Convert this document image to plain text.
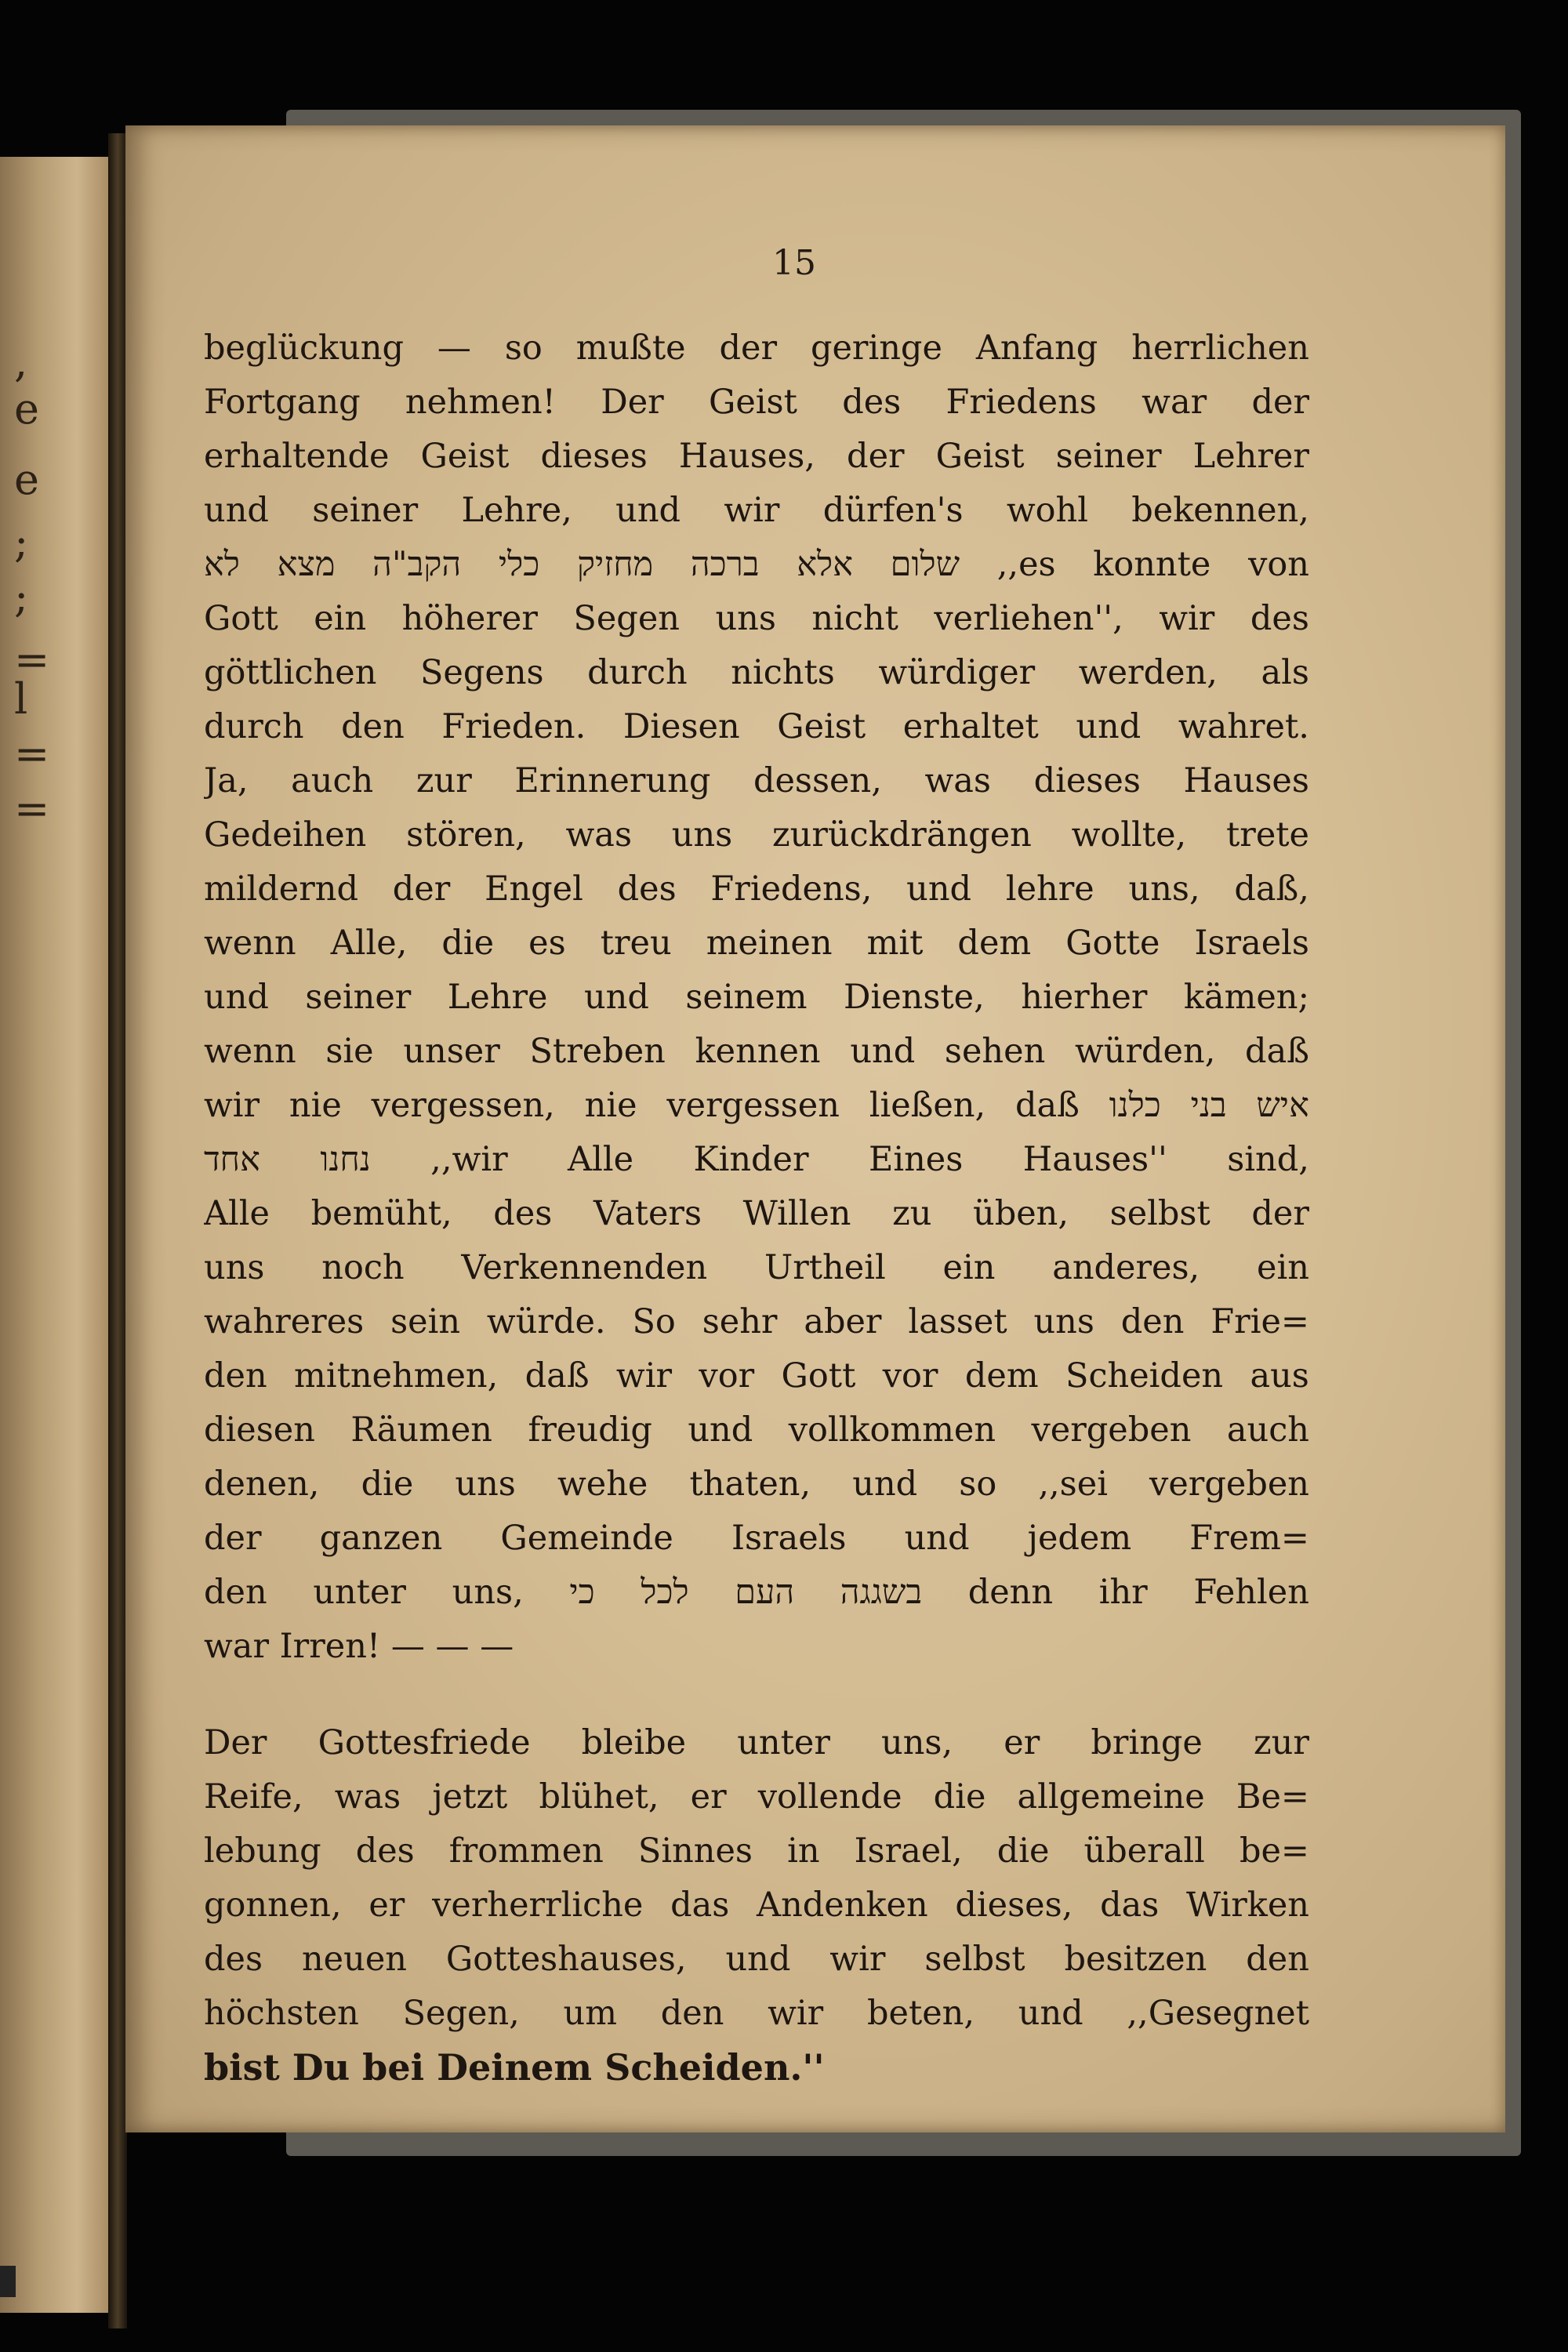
,
e
e
;
;
=
l
=
=
15
beglückung — so mußte der geringe Anfang herrlichen
Fortgang nehmen! Der Geist des Friedens war der
erhaltende Geist dieses Hauses, der Geist seiner Lehrer
und seiner Lehre, und wir dürfen's wohl bekennen,
לא מצא הקב"ה כלי מחזיק ברכה אלא שלום ,,es konnte von
Gott ein höherer Segen uns nicht verliehen'', wir des
göttlichen Segens durch nichts würdiger werden, als
durch den Frieden. Diesen Geist erhaltet und wahret.
Ja, auch zur Erinnerung dessen, was dieses Hauses
Gedeihen stören, was uns zurückdrängen wollte, trete
mildernd der Engel des Friedens, und lehre uns, daß,
wenn Alle, die es treu meinen mit dem Gotte Israels
und seiner Lehre und seinem Dienste, hierher kämen;
wenn sie unser Streben kennen und sehen würden, daß
wir nie vergessen, nie vergessen ließen, daß כלנו בני איש
אחד נחנו ,,wir Alle Kinder Eines Hauses'' sind,
Alle bemüht, des Vaters Willen zu üben, selbst der
uns noch Verkennenden Urtheil ein anderes, ein
wahreres sein würde. So sehr aber lasset uns den Frie=
den mitnehmen, daß wir vor Gott vor dem Scheiden aus
diesen Räumen freudig und vollkommen vergeben auch
denen, die uns wehe thaten, und so ,,sei vergeben
der ganzen Gemeinde Israels und jedem Frem=
den unter uns, כי לכל העם בשגגה denn ihr Fehlen
war Irren! — — —
Der Gottesfriede bleibe unter uns, er bringe zur
Reife, was jetzt blühet, er vollende die allgemeine Be=
lebung des frommen Sinnes in Israel, die überall be=
gonnen, er verherrliche das Andenken dieses, das Wirken
des neuen Gotteshauses, und wir selbst besitzen den
höchsten Segen, um den wir beten, und ,,Gesegnet
bist Du bei Deinem Scheiden.''
